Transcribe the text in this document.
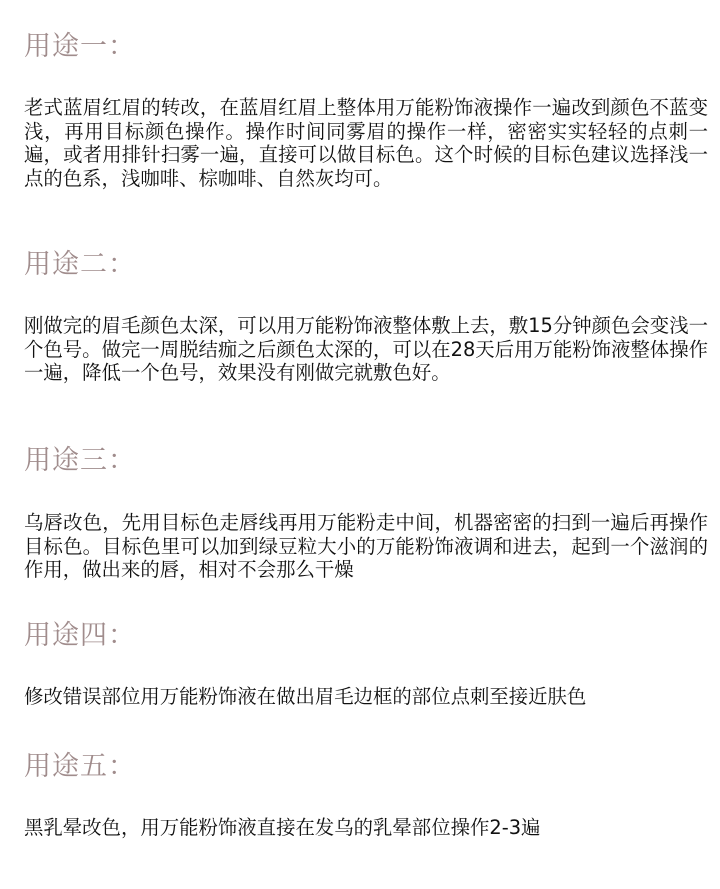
用途一：

老式蓝眉红眉的转改，在蓝眉红眉上整体用万能粉饰液操作一遍改到颜色不蓝变浅，再用目标颜色操作。操作时间同雾眉的操作一样，密密实实轻轻的点刺一遍，或者用排针扫雾一遍，直接可以做目标色。这个时候的目标色建议选择浅一点的色系，浅咖啡、棕咖啡、自然灰均可。

用途二：

刚做完的眉毛颜色太深，可以用万能粉饰液整体敷上去，敷15分钟颜色会变浅一个色号。做完一周脱结痂之后颜色太深的，可以在28天后用万能粉饰液整体操作一遍，降低一个色号，效果没有刚做完就敷色好。

用途三：

乌唇改色，先用目标色走唇线再用万能粉走中间，机器密密的扫到一遍后再操作目标色。目标色里可以加到绿豆粒大小的万能粉饰液调和进去，起到一个滋润的作用，做出来的唇，相对不会那么干燥

用途四：

修改错误部位用万能粉饰液在做出眉毛边框的部位点刺至接近肤色

用途五：

黑乳晕改色，用万能粉饰液直接在发乌的乳晕部位操作2-3遍
